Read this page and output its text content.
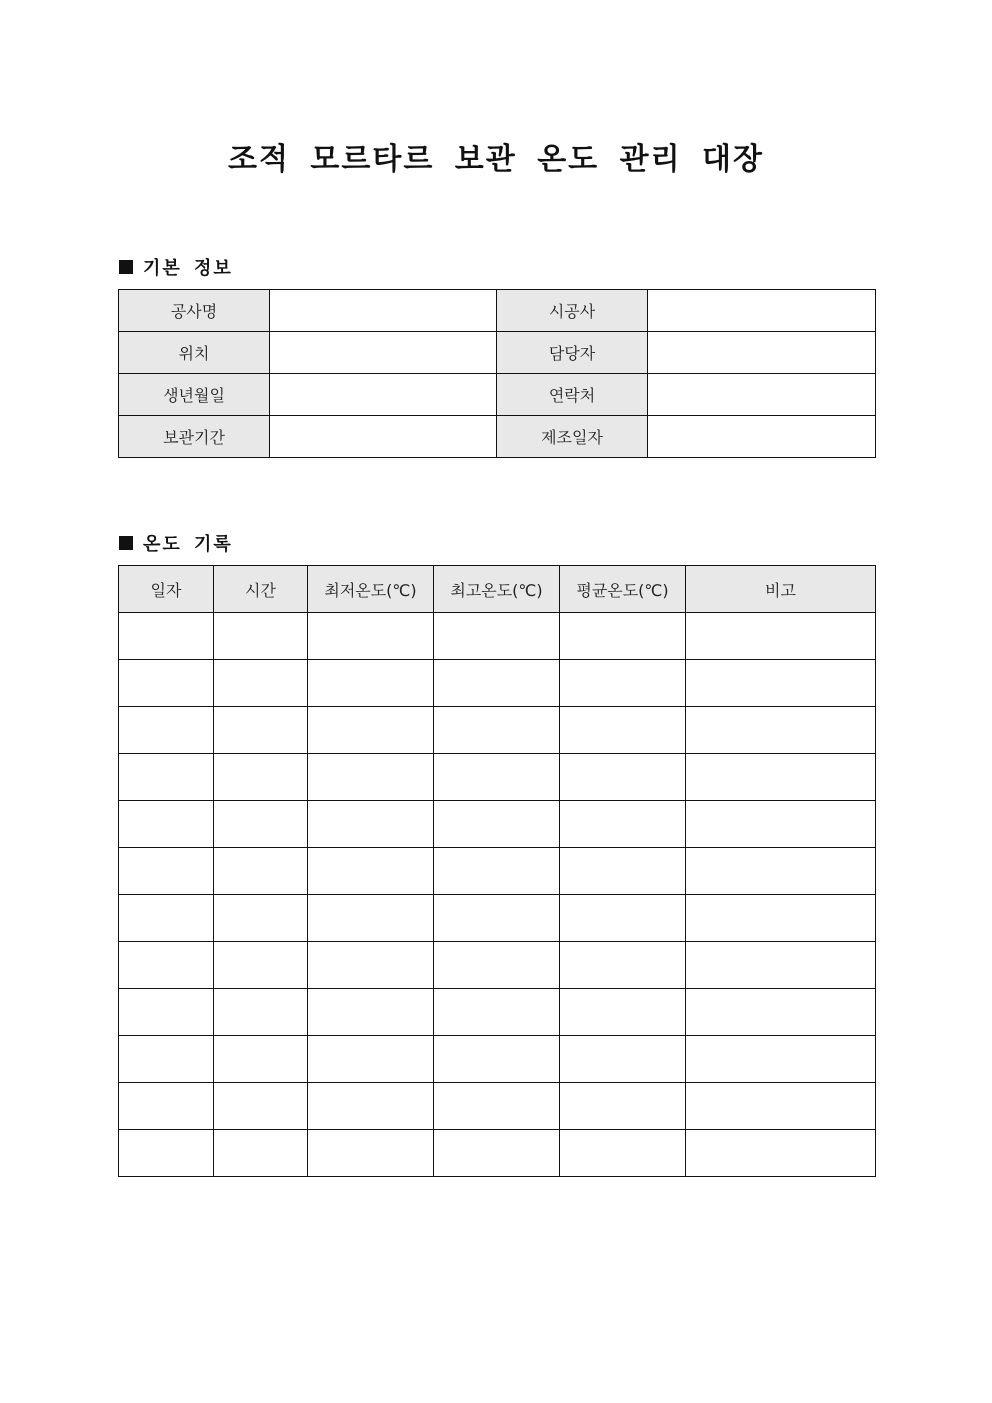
조적 모르타르 보관 온도 관리 대장
기본 정보
공사명		시공사	
위치		담당자	
생년월일		연락처	
보관기간		제조일자	
온도 기록
일자	시간	최저온도(℃)	최고온도(℃)	평균온도(℃)	비고
